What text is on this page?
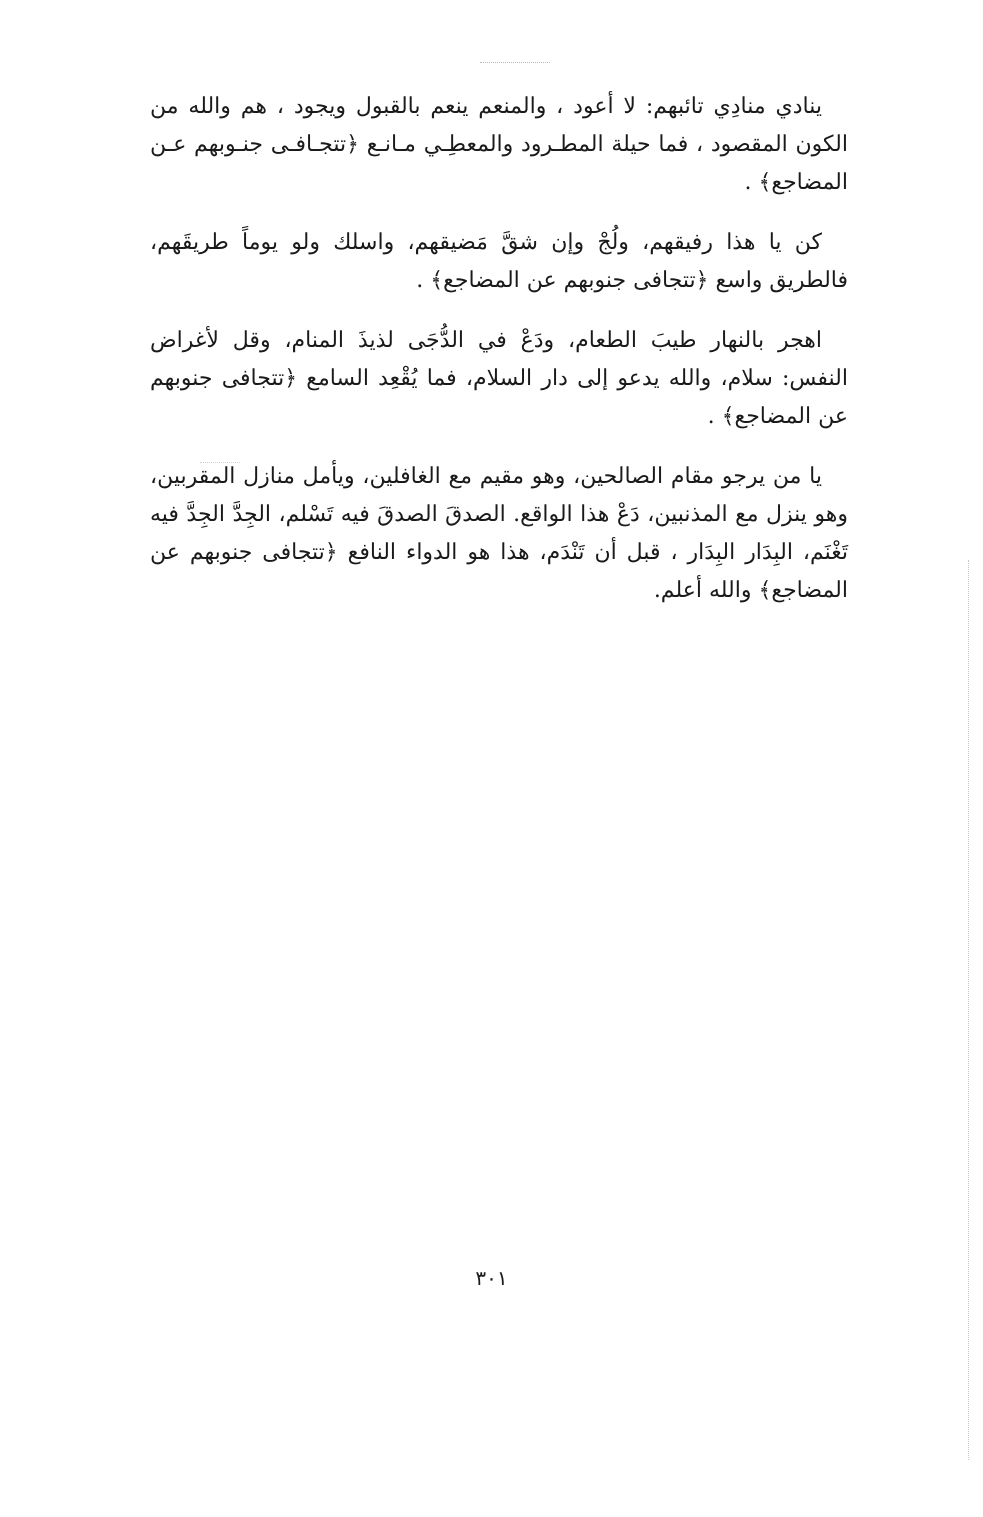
ينادي منادِي تائبهم: لا أعود ، والمنعم ينعم بالقبول ويجود ، هم والله من الكون المقصود ، فما حيلة المطـرود والمعطِـي مـانـع ﴿تتجـافـى جنـوبهم عـن المضاجع﴾ .

كن يا هذا رفيقهم، ولُجْ وإن شقَّ مَضيقهم، واسلك ولو يوماً طريقَهم، فالطريق واسع ﴿تتجافى جنوبهم عن المضاجع﴾ .

اهجر بالنهار طيبَ الطعام، ودَعْ في الدُّجَى لذيذَ المنام، وقل لأغراض النفس: سلام، والله يدعو إلى دار السلام، فما يُقْعِد السامع ﴿تتجافى جنوبهم عن المضاجع﴾ .

يا من يرجو مقام الصالحين، وهو مقيم مع الغافلين، ويأمل منازل المقربين، وهو ينزل مع المذنبين، دَعْ هذا الواقع. الصدقَ الصدقَ فيه تَسْلم، الجِدَّ الجِدَّ فيه تَغْنَم، البِدَار البِدَار ، قبل أن تَنْدَم، هذا هو الدواء النافع ﴿تتجافى جنوبهم عن المضاجع﴾ والله أعلم.

٣٠١
